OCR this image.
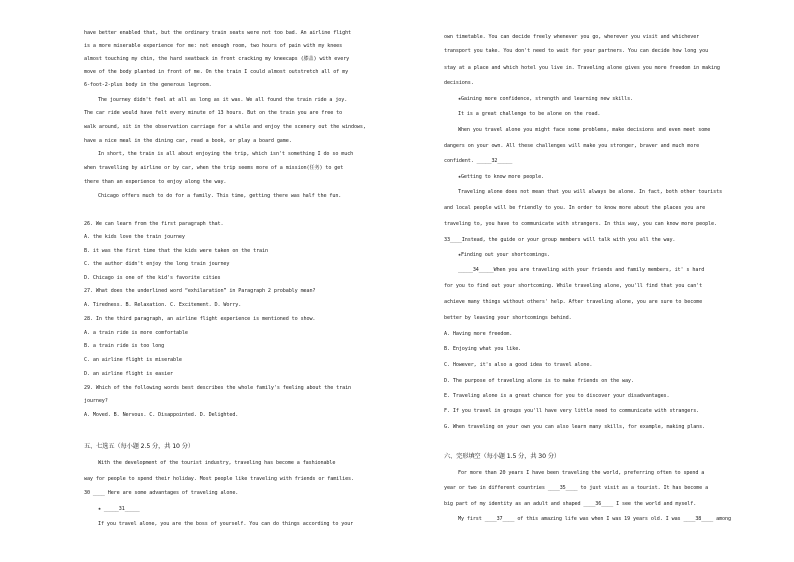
have better enabled that, but the ordinary train seats were not too bad. An airline flight
is a more miserable experience for me: not enough room, two hours of pain with my knees
almost touching my chin, the hard seatback in front cracking my kneecaps (膝盖) with every
move of the body planted in front of me. On the train I could almost outstretch all of my
6-foot-2-plus body in the generous legroom.
The journey didn't feel at all as long as it was. We all found the train ride a joy.
The car ride would have felt every minute of 13 hours. But on the train you are free to
walk around, sit in the observation carriage for a while and enjoy the scenery out the windows,
have a nice meal in the dining car, read a book, or play a board game.
In short, the train is all about enjoying the trip, which isn't something I do so much
when travelling by airline or by car, when the trip seems more of a mission(任务) to get
there than an experience to enjoy along the way.
Chicago offers much to do for a family. This time, getting there was half the fun.
26. We can learn from the first paragraph that.
A. the kids love the train journey
B. it was the first time that the kids were taken on the train
C. the author didn't enjoy the long train journey
D. Chicago is one of the kid's favorite cities
27. What does the underlined word “exhilaration” in Paragraph 2 probably mean?
A. Tiredness. B. Relaxation. C. Excitement. D. Worry.
28. In the third paragraph, an airline flight experience is mentioned to show.
A. a train ride is more comfortable
B. a train ride is too long
C. an airline flight is miserable
D. an airline flight is easier
29. Which of the following words best describes the whole family's feeling about the train
journey?
A. Moved. B. Nervous. C. Disappointed. D. Delighted.
五、七选五（每小题 2.5 分，共 10 分）
With the development of the tourist industry, traveling has become a fashionable
way for people to spend their holiday. Most people like traveling with friends or families.
30 ____ Here are some advantages of traveling alone.
★ _____31_____
If you travel alone, you are the boss of yourself. You can do things according to your
own timetable. You can decide freely whenever you go, wherever you visit and whichever
transport you take. You don't need to wait for your partners. You can decide how long you
stay at a place and which hotel you live in. Traveling alone gives you more freedom in making
decisions.
★Gaining more confidence, strength and learning new skills.
It is a great challenge to be alone on the road.
When you travel alone you might face some problems, make decisions and even meet some
dangers on your own. All these challenges will make you stronger, braver and much more
confident. _____32_____
★Getting to know more people.
Traveling alone does not mean that you will always be alone. In fact, both other tourists
and local people will be friendly to you. In order to know more about the places you are
traveling to, you have to communicate with strangers. In this way, you can know more people.
33____Instead, the guide or your group members will talk with you all the way.
★Finding out your shortcomings.
_____34_____When you are traveling with your friends and family members, it' s hard
for you to find out your shortcoming. While traveling alone, you'll find that you can't
achieve many things without others' help. After traveling alone, you are sure to become
better by leaving your shortcomings behind.
A. Having more freedom.
B. Enjoying what you like.
C. However, it's also a good idea to travel alone.
D. The purpose of traveling alone is to make friends on the way.
E. Traveling alone is a great chance for you to discover your disadvantages.
F. If you travel in groups you'll have very little need to communicate with strangers.
G. When traveling on your own you can also learn many skills, for example, making plans.
六、完形填空（每小题 1.5 分，共 30 分）
For more than 20 years I have been traveling the world, preferring often to spend a
year or two in different countries ____35____ to just visit as a tourist. It has become a
big part of my identity as an adult and shaped ____36____ I see the world and myself.
My first ____37____ of this amazing life was when I was 19 years old. I was ____38____ among
